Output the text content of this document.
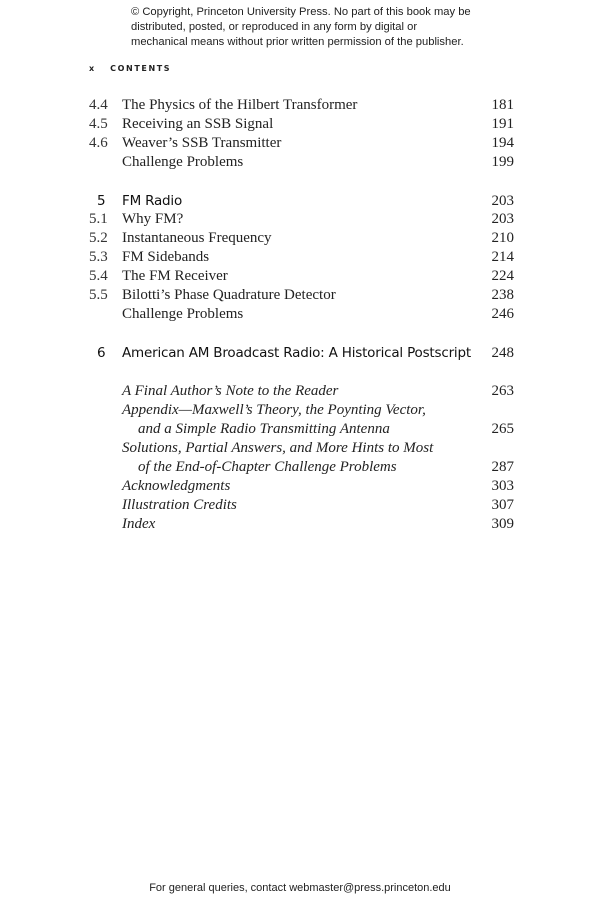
© Copyright, Princeton University Press. No part of this book may be distributed, posted, or reproduced in any form by digital or mechanical means without prior written permission of the publisher.
x CONTENTS
4.4 The Physics of the Hilbert Transformer	181
4.5 Receiving an SSB Signal	191
4.6 Weaver’s SSB Transmitter	194
Challenge Problems	199
5 FM Radio	203
5.1 Why FM?	203
5.2 Instantaneous Frequency	210
5.3 FM Sidebands	214
5.4 The FM Receiver	224
5.5 Bilotti’s Phase Quadrature Detector	238
Challenge Problems	246
6 American AM Broadcast Radio: A Historical Postscript 248
A Final Author’s Note to the Reader	263
Appendix—Maxwell’s Theory, the Poynting Vector,
and a Simple Radio Transmitting Antenna	265
Solutions, Partial Answers, and More Hints to Most
of the End-of-Chapter Challenge Problems	287
Acknowledgments	303
Illustration Credits	307
Index	309
For general queries, contact webmaster@press.princeton.edu
